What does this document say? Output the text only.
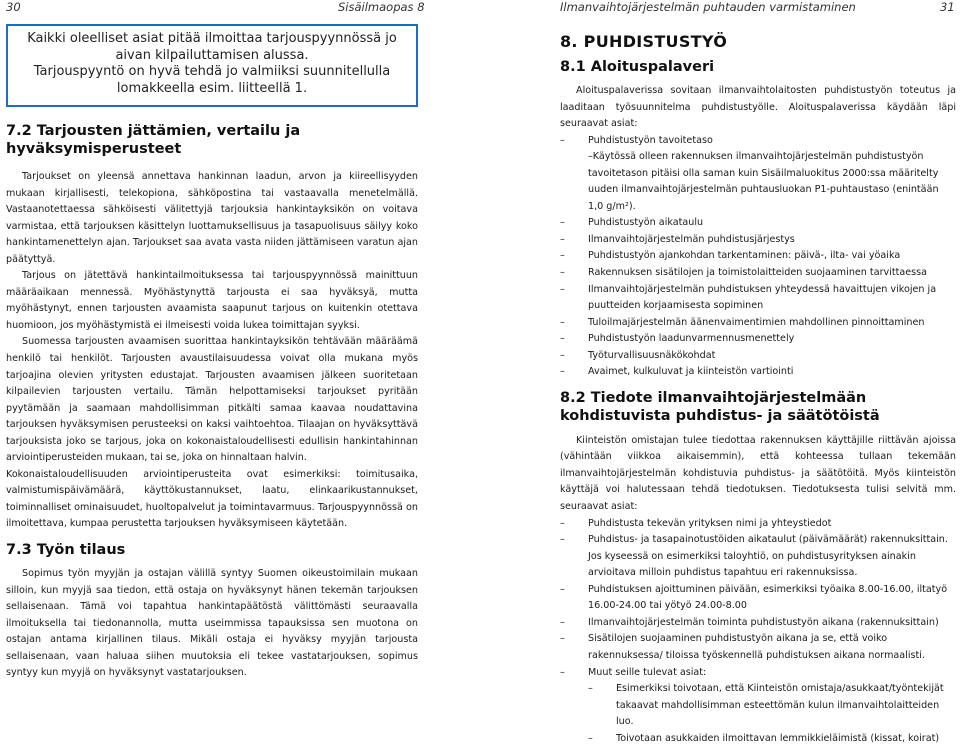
30	Sisäilmaopas 8	Ilmanvaihtojärjestelmän puhtauden varmistaminen	31

Kaikki oleelliset asiat pitää ilmoittaa tarjouspyynnössä jo aivan kilpailuttamisen alussa.

Tarjouspyyntö on hyvä tehdä jo valmiiksi suunnitellulla lomakkeella esim. liitteellä 1.

7.2 Tarjousten jättämien, vertailu ja hyväksymisperusteet

Tarjoukset on yleensä annettava hankinnan laadun, arvon ja kiireellisyyden mukaan kirjallisesti, telekopiona, sähköpostina tai vastaavalla menetelmällä. Vastaanotettaessa sähköisesti välitettyjä tarjouksia hankintayksikön on voitava varmistaa, että tarjouksen käsittelyn luottamuksellisuus ja tasapuolisuus säilyy koko hankintamenettelyn ajan. Tarjoukset saa avata vasta niiden jättämiseen varatun ajan päätyttyä.

Tarjous on jätettävä hankintailmoituksessa tai tarjouspyynnössä mainittuun määräaikaan mennessä. Myöhästynyttä tarjousta ei saa hyväksyä, mutta myöhästynyt, ennen tarjousten avaamista saapunut tarjous on kuitenkin otettava huomioon, jos myöhästymistä ei ilmeisesti voida lukea toimittajan syyksi.

Suomessa tarjousten avaamisen suorittaa hankintayksikön tehtävään määräämä henkilö tai henkilöt. Tarjousten avaustilaisuudessa voivat olla mukana myös tarjoajina olevien yritysten edustajat. Tarjousten avaamisen jälkeen suoritetaan kilpailevien tarjousten vertailu. Tämän helpottamiseksi tarjoukset pyritään pyytämään ja saamaan mahdollisimman pitkälti samaa kaavaa noudattavina tarjouksen hyväksymisen perusteeksi on kaksi vaihtoehtoa. Tilaajan on hyväksyttävä tarjouksista joko se tarjous, joka on kokonaistaloudellisesti edullisin hankintahinnan arviointiperusteiden mukaan, tai se, joka on hinnaltaan halvin.

Kokonaistaloudellisuuden arviointiperusteita ovat esimerkiksi: toimitusaika, valmistumispäivämäärä, käyttökustannukset, laatu, elinkaarikustannukset, toiminnalliset ominaisuudet, huoltopalvelut ja toimintavarmuus. Tarjouspyynnössä on ilmoitettava, kumpaa perustetta tarjouksen hyväksymiseen käytetään.

7.3 Työn tilaus

Sopimus työn myyjän ja ostajan välillä syntyy Suomen oikeustoimilain mukaan silloin, kun myyjä saa tiedon, että ostaja on hyväksynyt hänen tekemän tarjouksen sellaisenaan. Tämä voi tapahtua hankintapäätöstä välittömästi seuraavalla ilmoituksella tai tiedonannolla, mutta useimmissa tapauksissa sen muotona on ostajan antama kirjallinen tilaus. Mikäli ostaja ei hyväksy myyjän tarjousta sellaisenaan, vaan haluaa siihen muutoksia eli tekee vastatarjouksen, sopimus syntyy kun myyjä on hyväksynyt vastatarjouksen.

8. PUHDISTUSTYÖ
8.1 Aloituspalaveri

Aloituspalaverissa sovitaan ilmanvaihtolaitosten puhdistustyön toteutus ja laaditaan työsuunnitelma puhdistustyölle. Aloituspalaverissa käydään läpi seuraavat asiat:

– Puhdistustyön tavoitetaso
–Käytössä olleen rakennuksen ilmanvaihtojärjestelmän puhdistustyön tavoitetason pitäisi olla saman kuin Sisäilmaluokitus 2000:ssa määritelty uuden ilmanvaihtojärjestelmän puhtausluokan P1-puhtaustaso (enintään 1,0 g/m²).
– Puhdistustyön aikataulu
– Ilmanvaihtojärjestelmän puhdistusjärjestys
– Puhdistustyön ajankohdan tarkentaminen: päivä-, ilta- vai yöaika
– Rakennuksen sisätilojen ja toimistolaitteiden suojaaminen tarvittaessa
– Ilmanvaihtojärjestelmän puhdistuksen yhteydessä havaittujen vikojen ja puutteiden korjaamisesta sopiminen
– Tuloilmajärjestelmän äänenvaimentimien mahdollinen pinnoittaminen
– Puhdistustyön laadunvarmennusmenettely
– Työturvallisuusnäkökohdat
– Avaimet, kulkuluvat ja kiinteistön vartiointi
8.2 Tiedote ilmanvaihtojärjestelmään kohdistuvista puhdistus- ja säätötöistä

Kiinteistön omistajan tulee tiedottaa rakennuksen käyttäjille riittävän ajoissa (vähintään viikkoa aikaisemmin), että kohteessa tullaan tekemään ilmanvaihtojärjestelmän kohdistuvia puhdistus- ja säätötöitä. Myös kiinteistön käyttäjä voi halutessaan tehdä tiedotuksen. Tiedotuksesta tulisi selvitä mm. seuraavat asiat:

– Puhdistusta tekevän yrityksen nimi ja yhteystiedot
– Puhdistus- ja tasapainotustöiden aikataulut (päivämäärät) rakennuksittain. Jos kyseessä on esimerkiksi taloyhtiö, on puhdistusyrityksen ainakin arvioitava milloin puhdistus tapahtuu eri rakennuksissa.
– Puhdistuksen ajoittuminen päivään, esimerkiksi työaika 8.00-16.00, iltatyö 16.00-24.00 tai yötyö 24.00-8.00
– Ilmanvaihtojärjestelmän toiminta puhdistustyön aikana (rakennuksittain)
– Sisätilojen suojaaminen puhdistustyön aikana ja se, että voiko rakennuksessa/ tiloissa työskennellä puhdistuksen aikana normaalisti.
– Muut seille tulevat asiat:
– Esimerkiksi toivotaan, että Kiinteistön omistaja/asukkaat/työntekijät takaavat mahdollisimman esteettömän kulun ilmanvaihtolaitteiden luo.
– Toivotaan asukkaiden ilmoittavan lemmikkieläimistä (kissat, koirat)
